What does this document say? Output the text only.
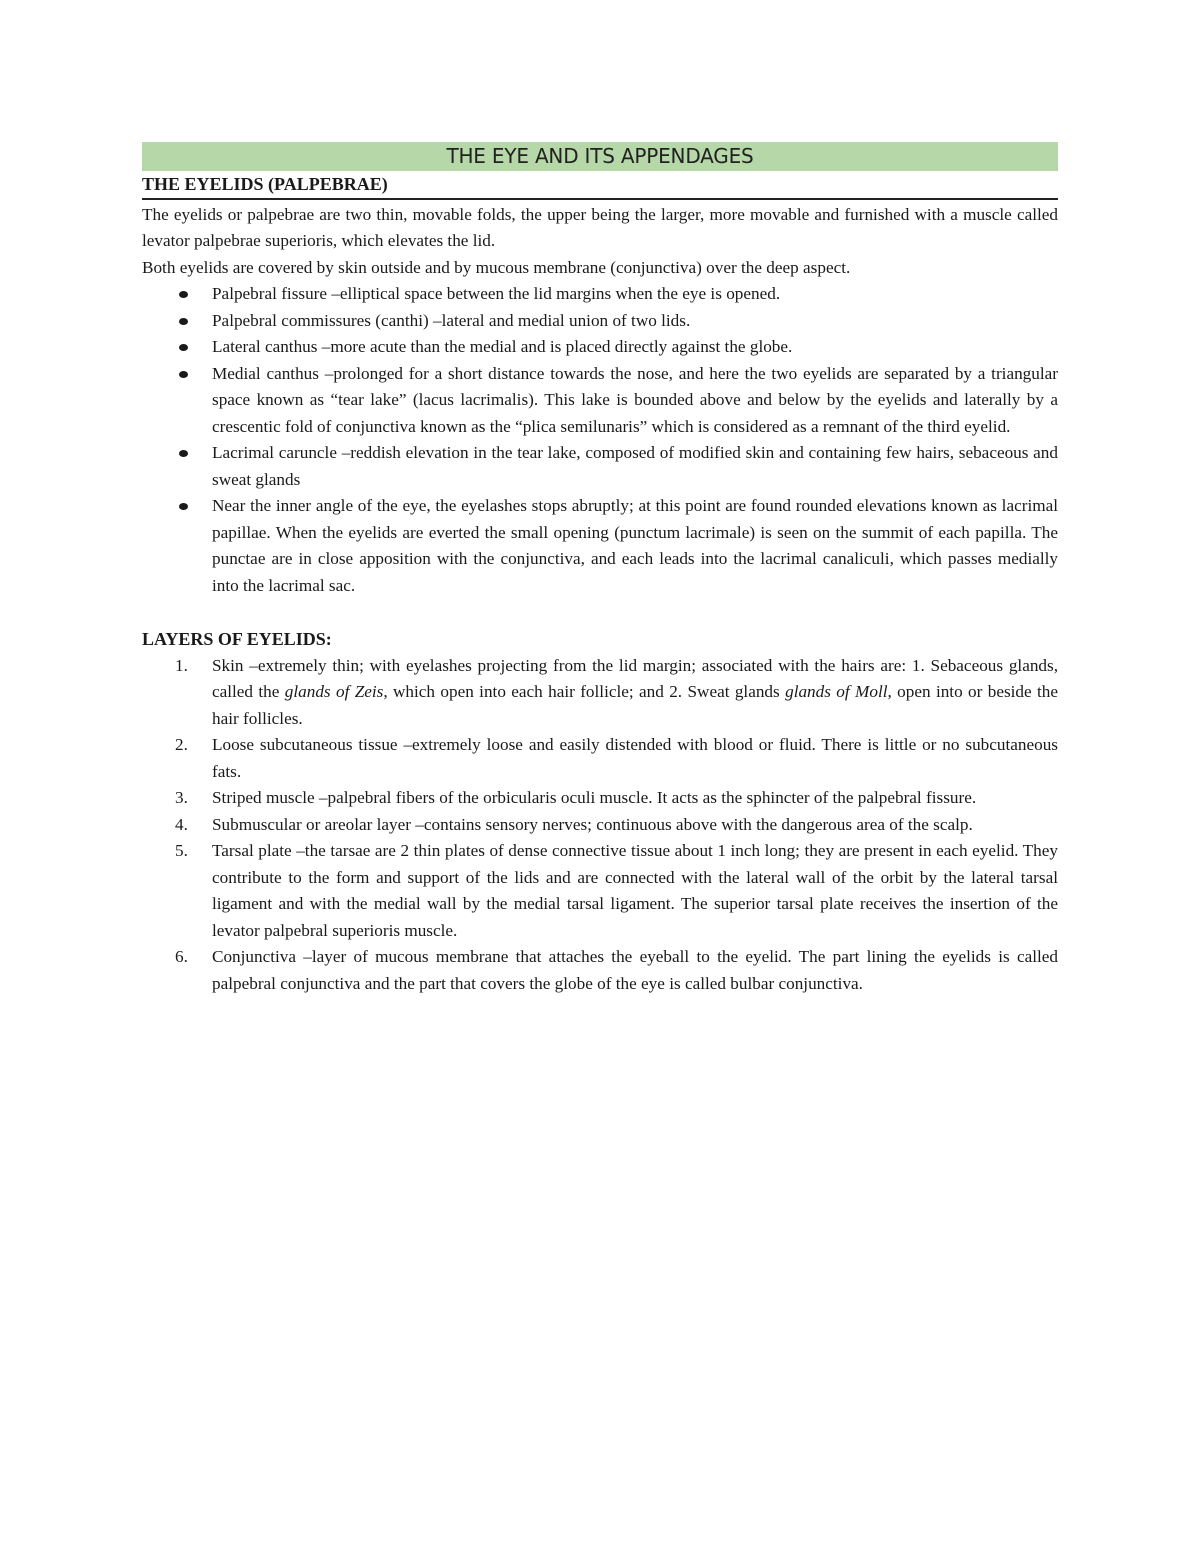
THE EYE AND ITS APPENDAGES
THE EYELIDS (PALPEBRAE)

The eyelids or palpebrae are two thin, movable folds, the upper being the larger, more movable and furnished with a muscle called levator palpebrae superioris, which elevates the lid.

Both eyelids are covered by skin outside and by mucous membrane (conjunctiva) over the deep aspect.

Palpebral fissure –elliptical space between the lid margins when the eye is opened.
Palpebral commissures (canthi) –lateral and medial union of two lids.
Lateral canthus –more acute than the medial and is placed directly against the globe.
Medial canthus –prolonged for a short distance towards the nose, and here the two eyelids are separated by a triangular space known as “tear lake” (lacus lacrimalis). This lake is bounded above and below by the eyelids and laterally by a crescentic fold of conjunctiva known as the “plica semilunaris” which is considered as a remnant of the third eyelid.
Lacrimal caruncle –reddish elevation in the tear lake, composed of modified skin and containing few hairs, sebaceous and sweat glands
Near the inner angle of the eye, the eyelashes stops abruptly; at this point are found rounded elevations known as lacrimal papillae. When the eyelids are everted the small opening (punctum lacrimale) is seen on the summit of each papilla. The punctae are in close apposition with the conjunctiva, and each leads into the lacrimal canaliculi, which passes medially into the lacrimal sac.
LAYERS OF EYELIDS:
1. Skin –extremely thin; with eyelashes projecting from the lid margin; associated with the hairs are: 1. Sebaceous glands, called the glands of Zeis, which open into each hair follicle; and 2. Sweat glands glands of Moll, open into or beside the hair follicles.
2. Loose subcutaneous tissue –extremely loose and easily distended with blood or fluid. There is little or no subcutaneous fats.
3. Striped muscle –palpebral fibers of the orbicularis oculi muscle. It acts as the sphincter of the palpebral fissure.
4. Submuscular or areolar layer –contains sensory nerves; continuous above with the dangerous area of the scalp.
5. Tarsal plate –the tarsae are 2 thin plates of dense connective tissue about 1 inch long; they are present in each eyelid. They contribute to the form and support of the lids and are connected with the lateral wall of the orbit by the lateral tarsal ligament and with the medial wall by the medial tarsal ligament. The superior tarsal plate receives the insertion of the levator palpebral superioris muscle.
6. Conjunctiva –layer of mucous membrane that attaches the eyeball to the eyelid. The part lining the eyelids is called palpebral conjunctiva and the part that covers the globe of the eye is called bulbar conjunctiva.
